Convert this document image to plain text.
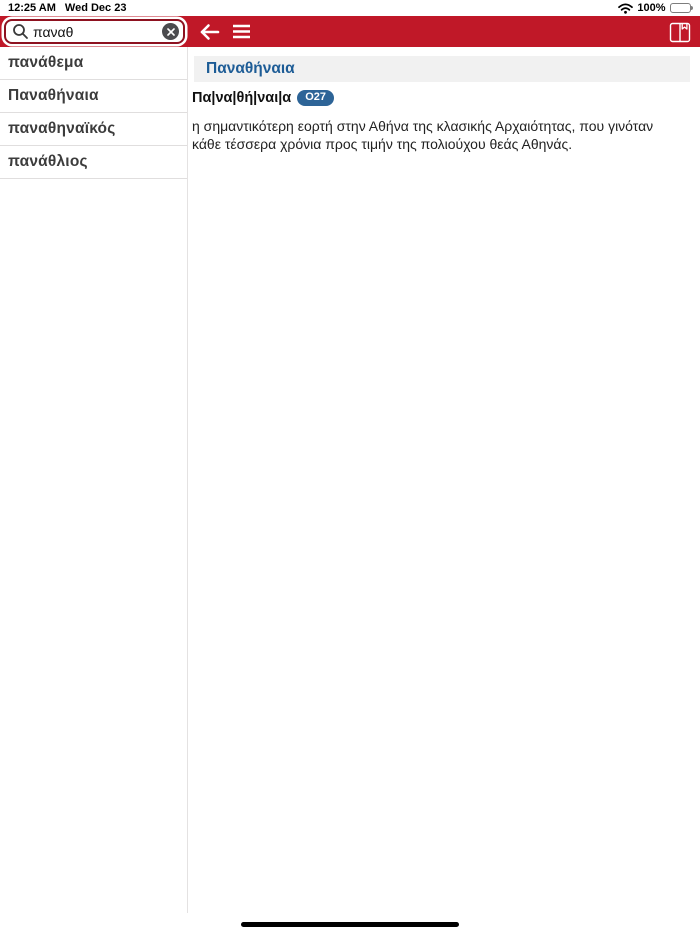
12:25 AM Wed Dec 23	100%
παναθ
πανάθεμα
Παναθήναια
παναθηναϊκός
πανάθλιος
Παναθήναια
Πα|να|θή|ναι|α	O27

η σημαντικότερη εορτή στην Αθήνα της κλασικής Αρχαιότητας, που γινόταν κάθε τέσσερα χρόνια προς τιμήν της πολιούχου θεάς Αθηνάς.
